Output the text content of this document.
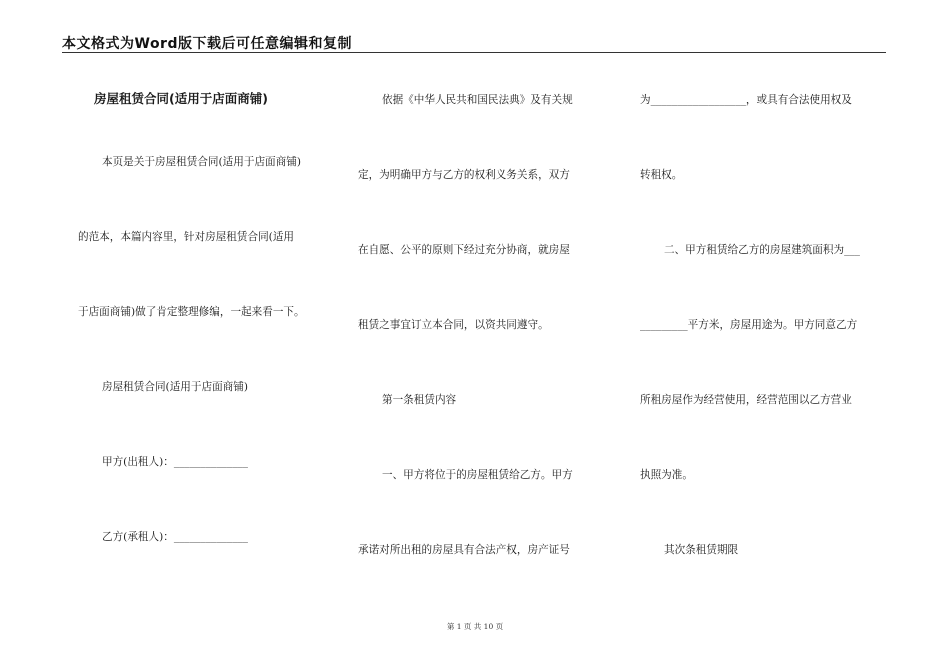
本文格式为Word版下载后可任意编辑和复制
房屋租赁合同(适用于店面商铺)
本页是关于房屋租赁合同(适用于店面商铺)
的范本，本篇内容里，针对房屋租赁合同(适用
于店面商铺)做了肯定整理修编，一起来看一下。
房屋租赁合同(适用于店面商铺)
甲方(出租人)：______________
乙方(承租人)：______________
依据《中华人民共和国民法典》及有关规
定，为明确甲方与乙方的权利义务关系，双方
在自愿、公平的原则下经过充分协商，就房屋
租赁之事宜订立本合同，以资共同遵守。
第一条租赁内容
一、甲方将位于的房屋租赁给乙方。甲方
承诺对所出租的房屋具有合法产权，房产证号
为__________________，或具有合法使用权及
转租权。
二、甲方租赁给乙方的房屋建筑面积为___
_________平方米，房屋用途为。甲方同意乙方
所租房屋作为经营使用，经营范围以乙方营业
执照为准。
其次条租赁期限
第 1 页 共 10 页
